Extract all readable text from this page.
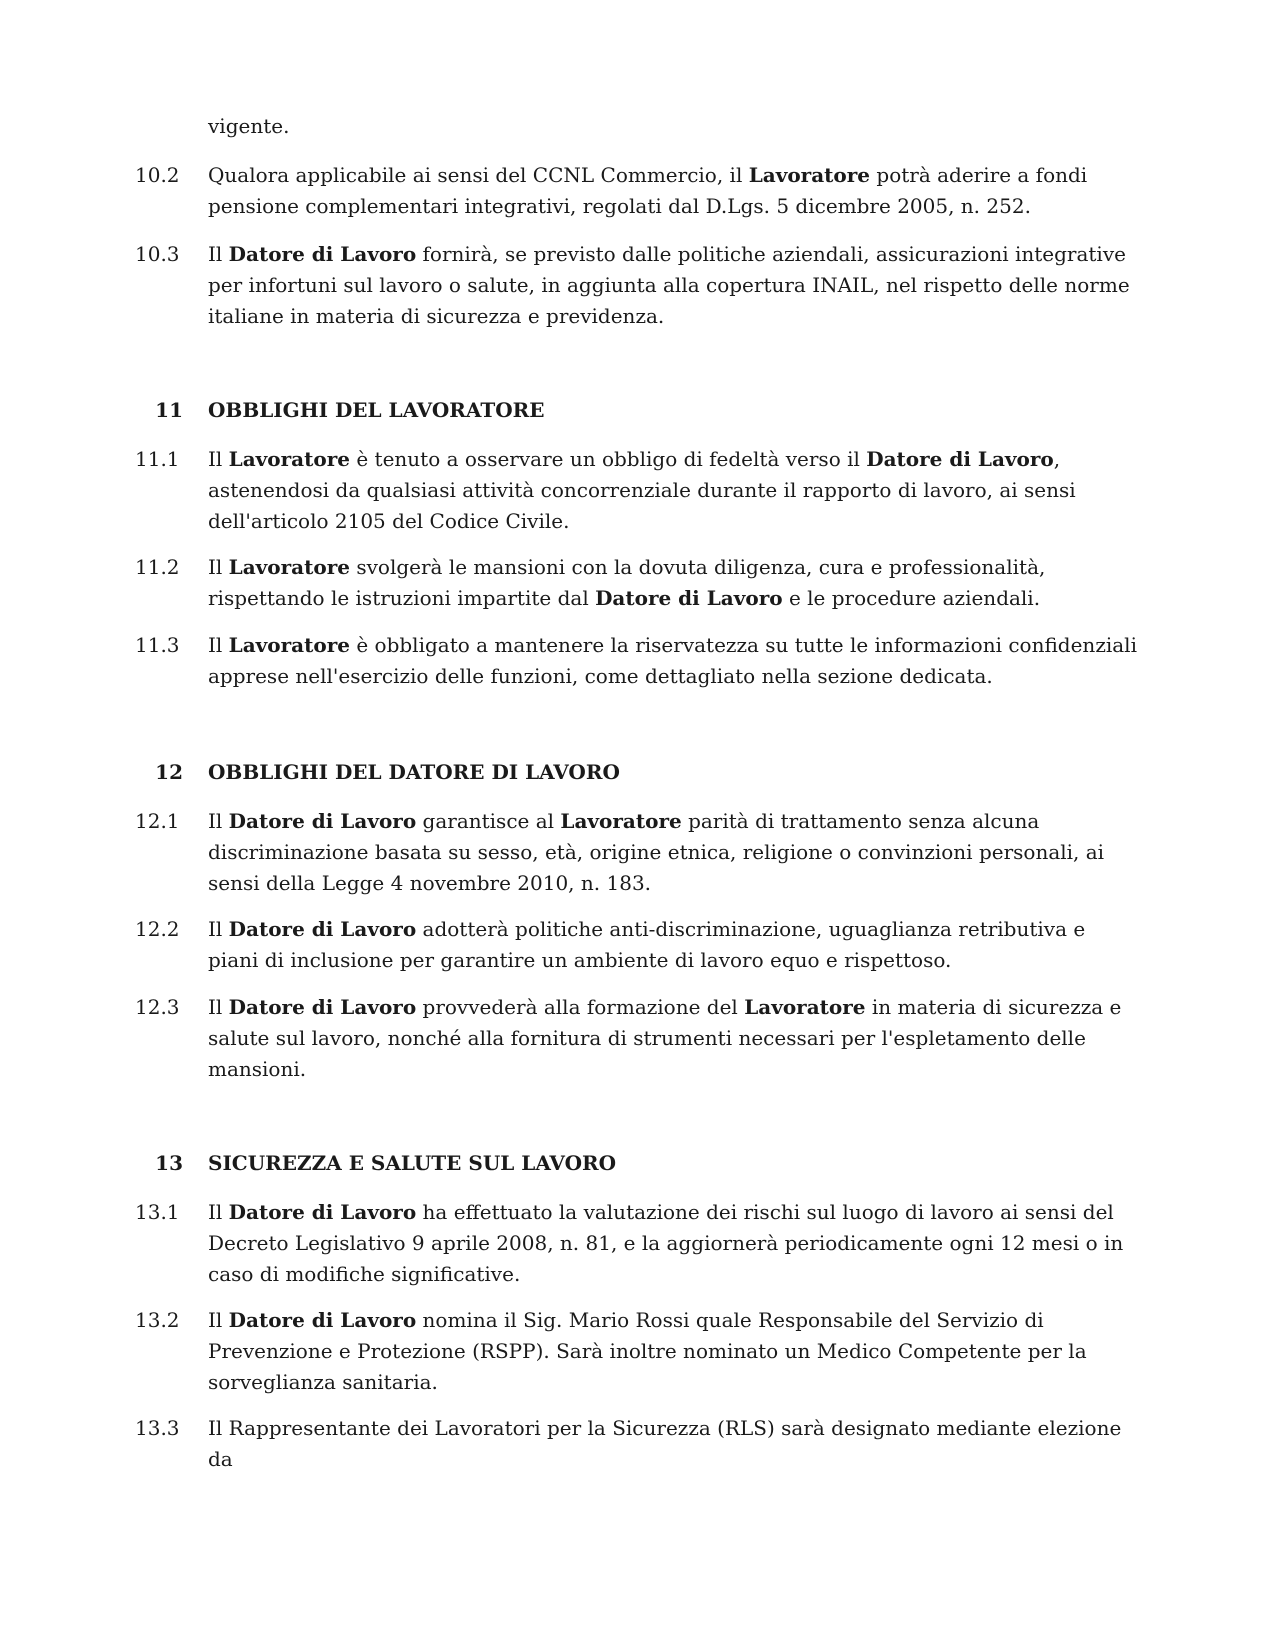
vigente.
10.2 Qualora applicabile ai sensi del CCNL Commercio, il Lavoratore potrà aderire a fondi pensione complementari integrativi, regolati dal D.Lgs. 5 dicembre 2005, n. 252.
10.3 Il Datore di Lavoro fornirà, se previsto dalle politiche aziendali, assicurazioni integrative per infortuni sul lavoro o salute, in aggiunta alla copertura INAIL, nel rispetto delle norme italiane in materia di sicurezza e previdenza.
11 OBBLIGHI DEL LAVORATORE
11.1 Il Lavoratore è tenuto a osservare un obbligo di fedeltà verso il Datore di Lavoro, astenendosi da qualsiasi attività concorrenziale durante il rapporto di lavoro, ai sensi dell'articolo 2105 del Codice Civile.
11.2 Il Lavoratore svolgerà le mansioni con la dovuta diligenza, cura e professionalità, rispettando le istruzioni impartite dal Datore di Lavoro e le procedure aziendali.
11.3 Il Lavoratore è obbligato a mantenere la riservatezza su tutte le informazioni confidenziali apprese nell'esercizio delle funzioni, come dettagliato nella sezione dedicata.
12 OBBLIGHI DEL DATORE DI LAVORO
12.1 Il Datore di Lavoro garantisce al Lavoratore parità di trattamento senza alcuna discriminazione basata su sesso, età, origine etnica, religione o convinzioni personali, ai sensi della Legge 4 novembre 2010, n. 183.
12.2 Il Datore di Lavoro adotterà politiche anti-discriminazione, uguaglianza retributiva e piani di inclusione per garantire un ambiente di lavoro equo e rispettoso.
12.3 Il Datore di Lavoro provvederà alla formazione del Lavoratore in materia di sicurezza e salute sul lavoro, nonché alla fornitura di strumenti necessari per l'espletamento delle mansioni.
13 SICUREZZA E SALUTE SUL LAVORO
13.1 Il Datore di Lavoro ha effettuato la valutazione dei rischi sul luogo di lavoro ai sensi del Decreto Legislativo 9 aprile 2008, n. 81, e la aggiornerà periodicamente ogni 12 mesi o in caso di modifiche significative.
13.2 Il Datore di Lavoro nomina il Sig. Mario Rossi quale Responsabile del Servizio di Prevenzione e Protezione (RSPP). Sarà inoltre nominato un Medico Competente per la sorveglianza sanitaria.
13.3 Il Rappresentante dei Lavoratori per la Sicurezza (RLS) sarà designato mediante elezione da
